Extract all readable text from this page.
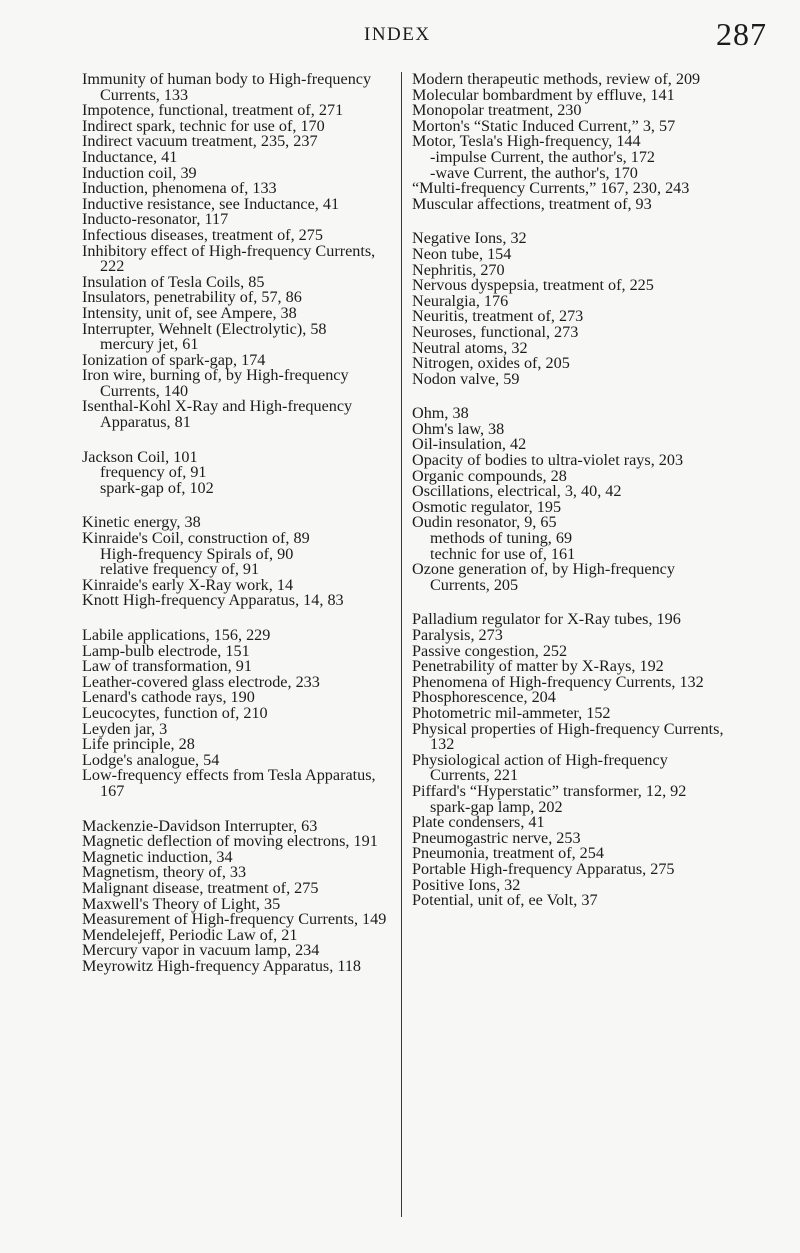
INDEX	287

Immunity of human body to High-frequency Currents, 133

Impotence, functional, treatment of, 271

Indirect spark, technic for use of, 170

Indirect vacuum treatment, 235, 237

Inductance, 41

Induction coil, 39

Induction, phenomena of, 133

Inductive resistance, see Inductance, 41

Inducto-resonator, 117

Infectious diseases, treatment of, 275

Inhibitory effect of High-frequency Currents, 222

Insulation of Tesla Coils, 85

Insulators, penetrability of, 57, 86

Intensity, unit of, see Ampere, 38

Interrupter, Wehnelt (Electrolytic), 58

mercury jet, 61

Ionization of spark-gap, 174

Iron wire, burning of, by High-frequency Currents, 140

Isenthal-Kohl X-Ray and High-frequency Apparatus, 81

Jackson Coil, 101

frequency of, 91

spark-gap of, 102

Kinetic energy, 38

Kinraide's Coil, construction of, 89

High-frequency Spirals of, 90

relative frequency of, 91

Kinraide's early X-Ray work, 14

Knott High-frequency Apparatus, 14, 83

Labile applications, 156, 229

Lamp-bulb electrode, 151

Law of transformation, 91

Leather-covered glass electrode, 233

Lenard's cathode rays, 190

Leucocytes, function of, 210

Leyden jar, 3

Life principle, 28

Lodge's analogue, 54

Low-frequency effects from Tesla Apparatus, 167

Mackenzie-Davidson Interrupter, 63

Magnetic deflection of moving electrons, 191

Magnetic induction, 34

Magnetism, theory of, 33

Malignant disease, treatment of, 275

Maxwell's Theory of Light, 35

Measurement of High-frequency Currents, 149

Mendelejeff, Periodic Law of, 21

Mercury vapor in vacuum lamp, 234

Meyrowitz High-frequency Apparatus, 118

Modern therapeutic methods, review of, 209

Molecular bombardment by effluve, 141

Monopolar treatment, 230

Morton's “Static Induced Current,” 3, 57

Motor, Tesla's High-frequency, 144

-impulse Current, the author's, 172

-wave Current, the author's, 170

“Multi-frequency Currents,” 167, 230, 243

Muscular affections, treatment of, 93

Negative Ions, 32

Neon tube, 154

Nephritis, 270

Nervous dyspepsia, treatment of, 225

Neuralgia, 176

Neuritis, treatment of, 273

Neuroses, functional, 273

Neutral atoms, 32

Nitrogen, oxides of, 205

Nodon valve, 59

Ohm, 38

Ohm's law, 38

Oil-insulation, 42

Opacity of bodies to ultra-violet rays, 203

Organic compounds, 28

Oscillations, electrical, 3, 40, 42

Osmotic regulator, 195

Oudin resonator, 9, 65

methods of tuning, 69

technic for use of, 161

Ozone generation of, by High-frequency Currents, 205

Palladium regulator for X-Ray tubes, 196

Paralysis, 273

Passive congestion, 252

Penetrability of matter by X-Rays, 192

Phenomena of High-frequency Currents, 132

Phosphorescence, 204

Photometric mil-ammeter, 152

Physical properties of High-frequency Currents, 132

Physiological action of High-frequency Currents, 221

Piffard's “Hyperstatic” transformer, 12, 92

spark-gap lamp, 202

Plate condensers, 41

Pneumogastric nerve, 253

Pneumonia, treatment of, 254

Portable High-frequency Apparatus, 275

Positive Ions, 32

Potential, unit of, ee Volt, 37
